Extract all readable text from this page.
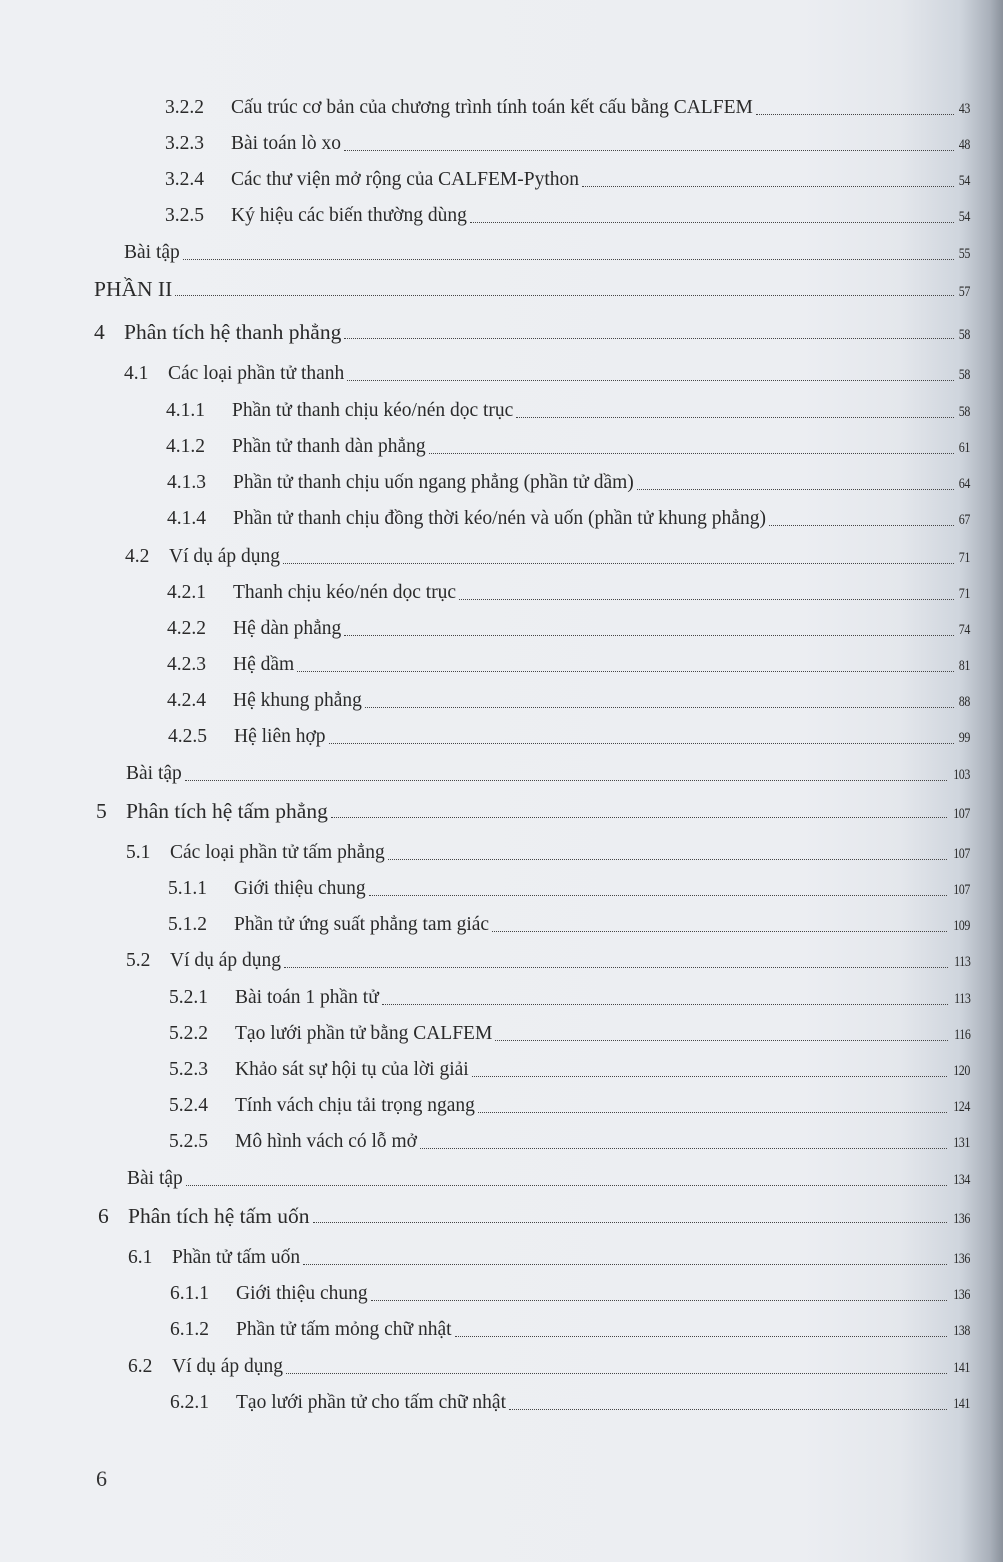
3.2.2	Cấu trúc cơ bản của chương trình tính toán kết cấu bằng CALFEM	43
3.2.3	Bài toán lò xo	48
3.2.4	Các thư viện mở rộng của CALFEM-Python	54
3.2.5	Ký hiệu các biến thường dùng	54
Bài tập	55
PHẦN II	57
4 Phân tích hệ thanh phẳng	58
4.1	Các loại phần tử thanh	58
4.1.1	Phần tử thanh chịu kéo/nén dọc trục	58
4.1.2	Phần tử thanh dàn phẳng	61
4.1.3	Phần tử thanh chịu uốn ngang phẳng (phần tử dầm)	64
4.1.4	Phần tử thanh chịu đồng thời kéo/nén và uốn (phần tử khung phẳng)	67
4.2	Ví dụ áp dụng	71
4.2.1	Thanh chịu kéo/nén dọc trục	71
4.2.2	Hệ dàn phẳng	74
4.2.3	Hệ dầm	81
4.2.4	Hệ khung phẳng	88
4.2.5	Hệ liên hợp	99
Bài tập	103
5 Phân tích hệ tấm phẳng	107
5.1	Các loại phần tử tấm phẳng	107
5.1.1	Giới thiệu chung	107
5.1.2	Phần tử ứng suất phẳng tam giác	109
5.2	Ví dụ áp dụng	113
5.2.1	Bài toán 1 phần tử	113
5.2.2	Tạo lưới phần tử bằng CALFEM	116
5.2.3	Khảo sát sự hội tụ của lời giải	120
5.2.4	Tính vách chịu tải trọng ngang	124
5.2.5	Mô hình vách có lỗ mở	131
Bài tập	134
6 Phân tích hệ tấm uốn	136
6.1	Phần tử tấm uốn	136
6.1.1	Giới thiệu chung	136
6.1.2	Phần tử tấm mỏng chữ nhật	138
6.2	Ví dụ áp dụng	141
6.2.1	Tạo lưới phần tử cho tấm chữ nhật	141
6
